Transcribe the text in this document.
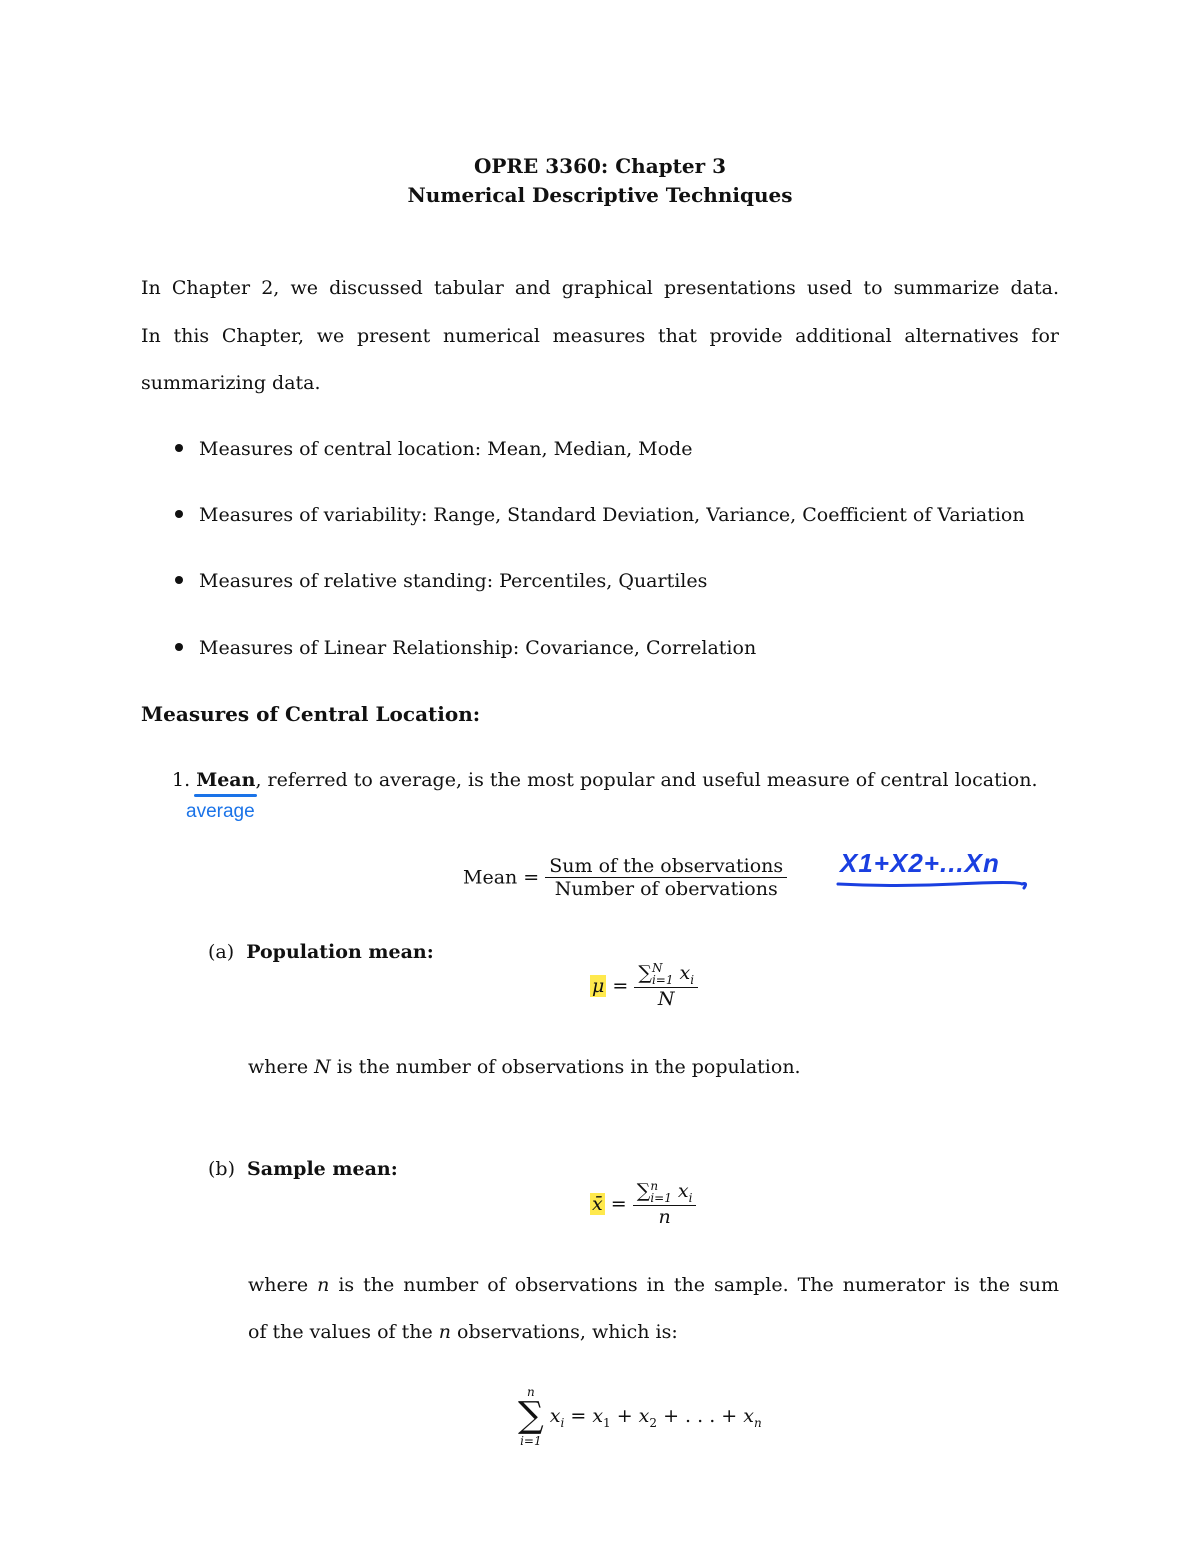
OPRE 3360: Chapter 3
Numerical Descriptive Techniques
In Chapter 2, we discussed tabular and graphical presentations used to summarize data.
In this Chapter, we present numerical measures that provide additional alternatives for
summarizing data.
Measures of central location: Mean, Median, Mode
Measures of variability: Range, Standard Deviation, Variance, Coefficient of Variation
Measures of relative standing: Percentiles, Quartiles
Measures of Linear Relationship: Covariance, Correlation
Measures of Central Location:
1. Mean
, referred to average, is the most popular and useful measure of central location.
average
Mean = $\frac{\text{Sum of the observations}}{\text{Number of obervations}} X1+X2+...Xn$
(a) Population mean:
μ = ∑ N
i=1 $x_i$
N
where N is the number of observations in the population.
(b) Sample mean:
x̄ = ∑ n
i=1 $x_i$
n
where n is the number of observations in the sample. The numerator is the sum
of the values of the n observations, which is:
n
∑
i=1
$x_i = x_1 + x_2$ + . . . + $x_n$
